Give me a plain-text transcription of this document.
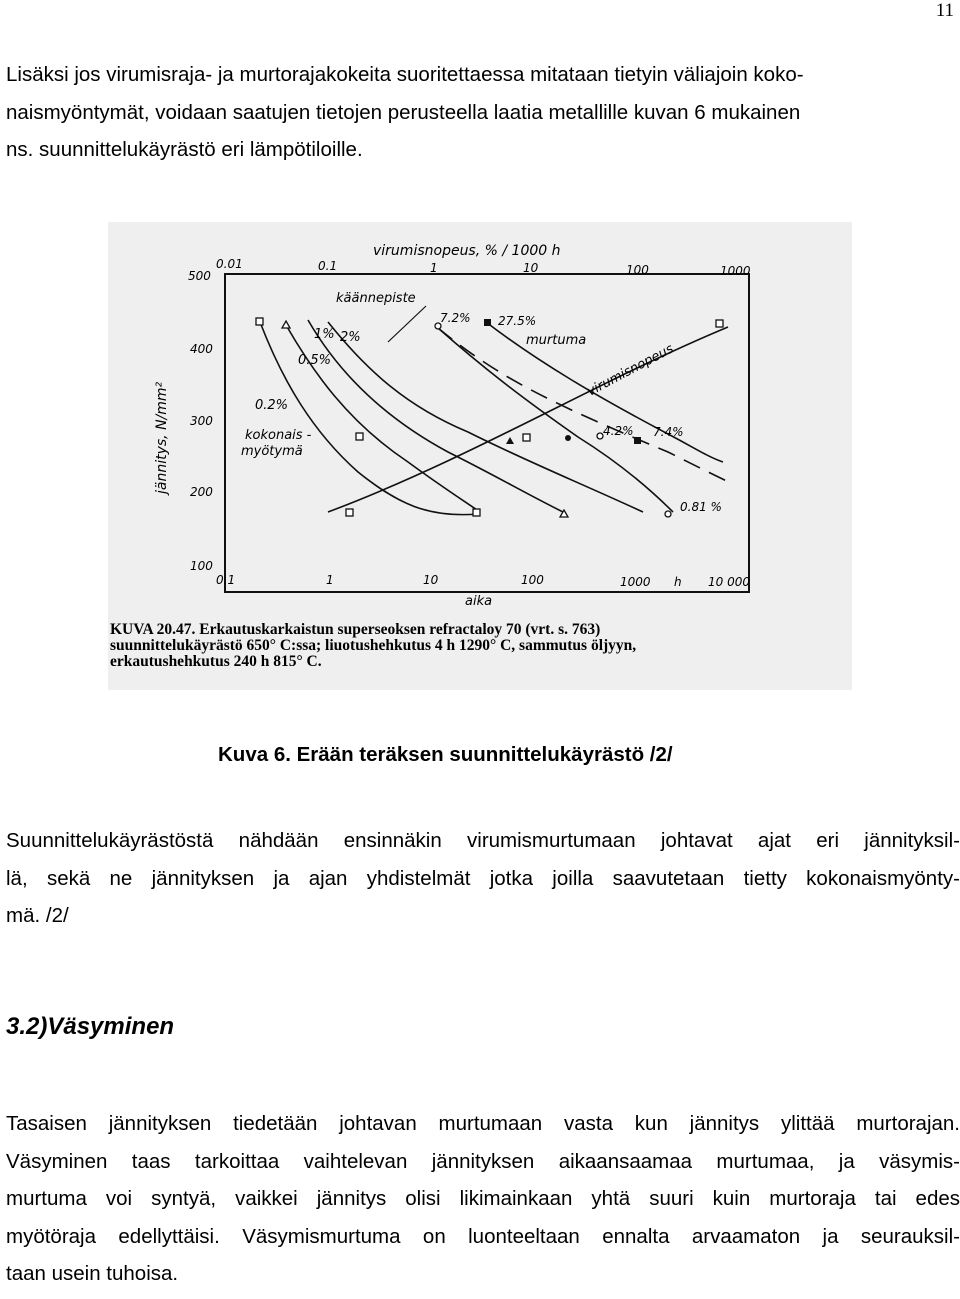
11

Lisäksi jos virumisraja- ja murtorajakokeita suoritettaessa mitataan tietyin väliajoin koko-
naismyöntymät, voidaan saatujen tietojen perusteella laatia metallille kuvan 6 mukainen
ns. suunnittelukäyrästö eri lämpötiloille.

virumisnopeus, % / 1000 h
0.01	0.1	1	10	100	1000
500
400
300
200
100
jännitys, N/mm²
0.1	1	10	100	1000 h 10 000
aika
käännepiste
1% 2%
0.5%
0.2%
kokonais -
myötymä
7.2% 27.5%
murtuma
virumisnopeus
4.2% 7.4%
0.81 %
KUVA 20.47. Erkautuskarkaistun superseoksen refractaloy 70 (vrt. s. 763)
suunnittelukäyrästö 650° C:ssa; liuotushehkutus 4 h 1290° C, sammutus öljyyn,
erkautushehkutus 240 h 815° C.
Kuva 6. Erään teräksen suunnittelukäyrästö /2/

Suunnittelukäyrästöstä nähdään ensinnäkin virumismurtumaan johtavat ajat eri jännityksil-
lä, sekä ne jännityksen ja ajan yhdistelmät jotka joilla saavutetaan tietty kokonaismyönty-
mä. /2/

3.2)Väsyminen

Tasaisen jännityksen tiedetään johtavan murtumaan vasta kun jännitys ylittää murtorajan.
Väsyminen taas tarkoittaa vaihtelevan jännityksen aikaansaamaa murtumaa, ja väsymis-
murtuma voi syntyä, vaikkei jännitys olisi likimainkaan yhtä suuri kuin murtoraja tai edes
myötöraja edellyttäisi. Väsymismurtuma on luonteeltaan ennalta arvaamaton ja seurauksil-
taan usein tuhoisa.
